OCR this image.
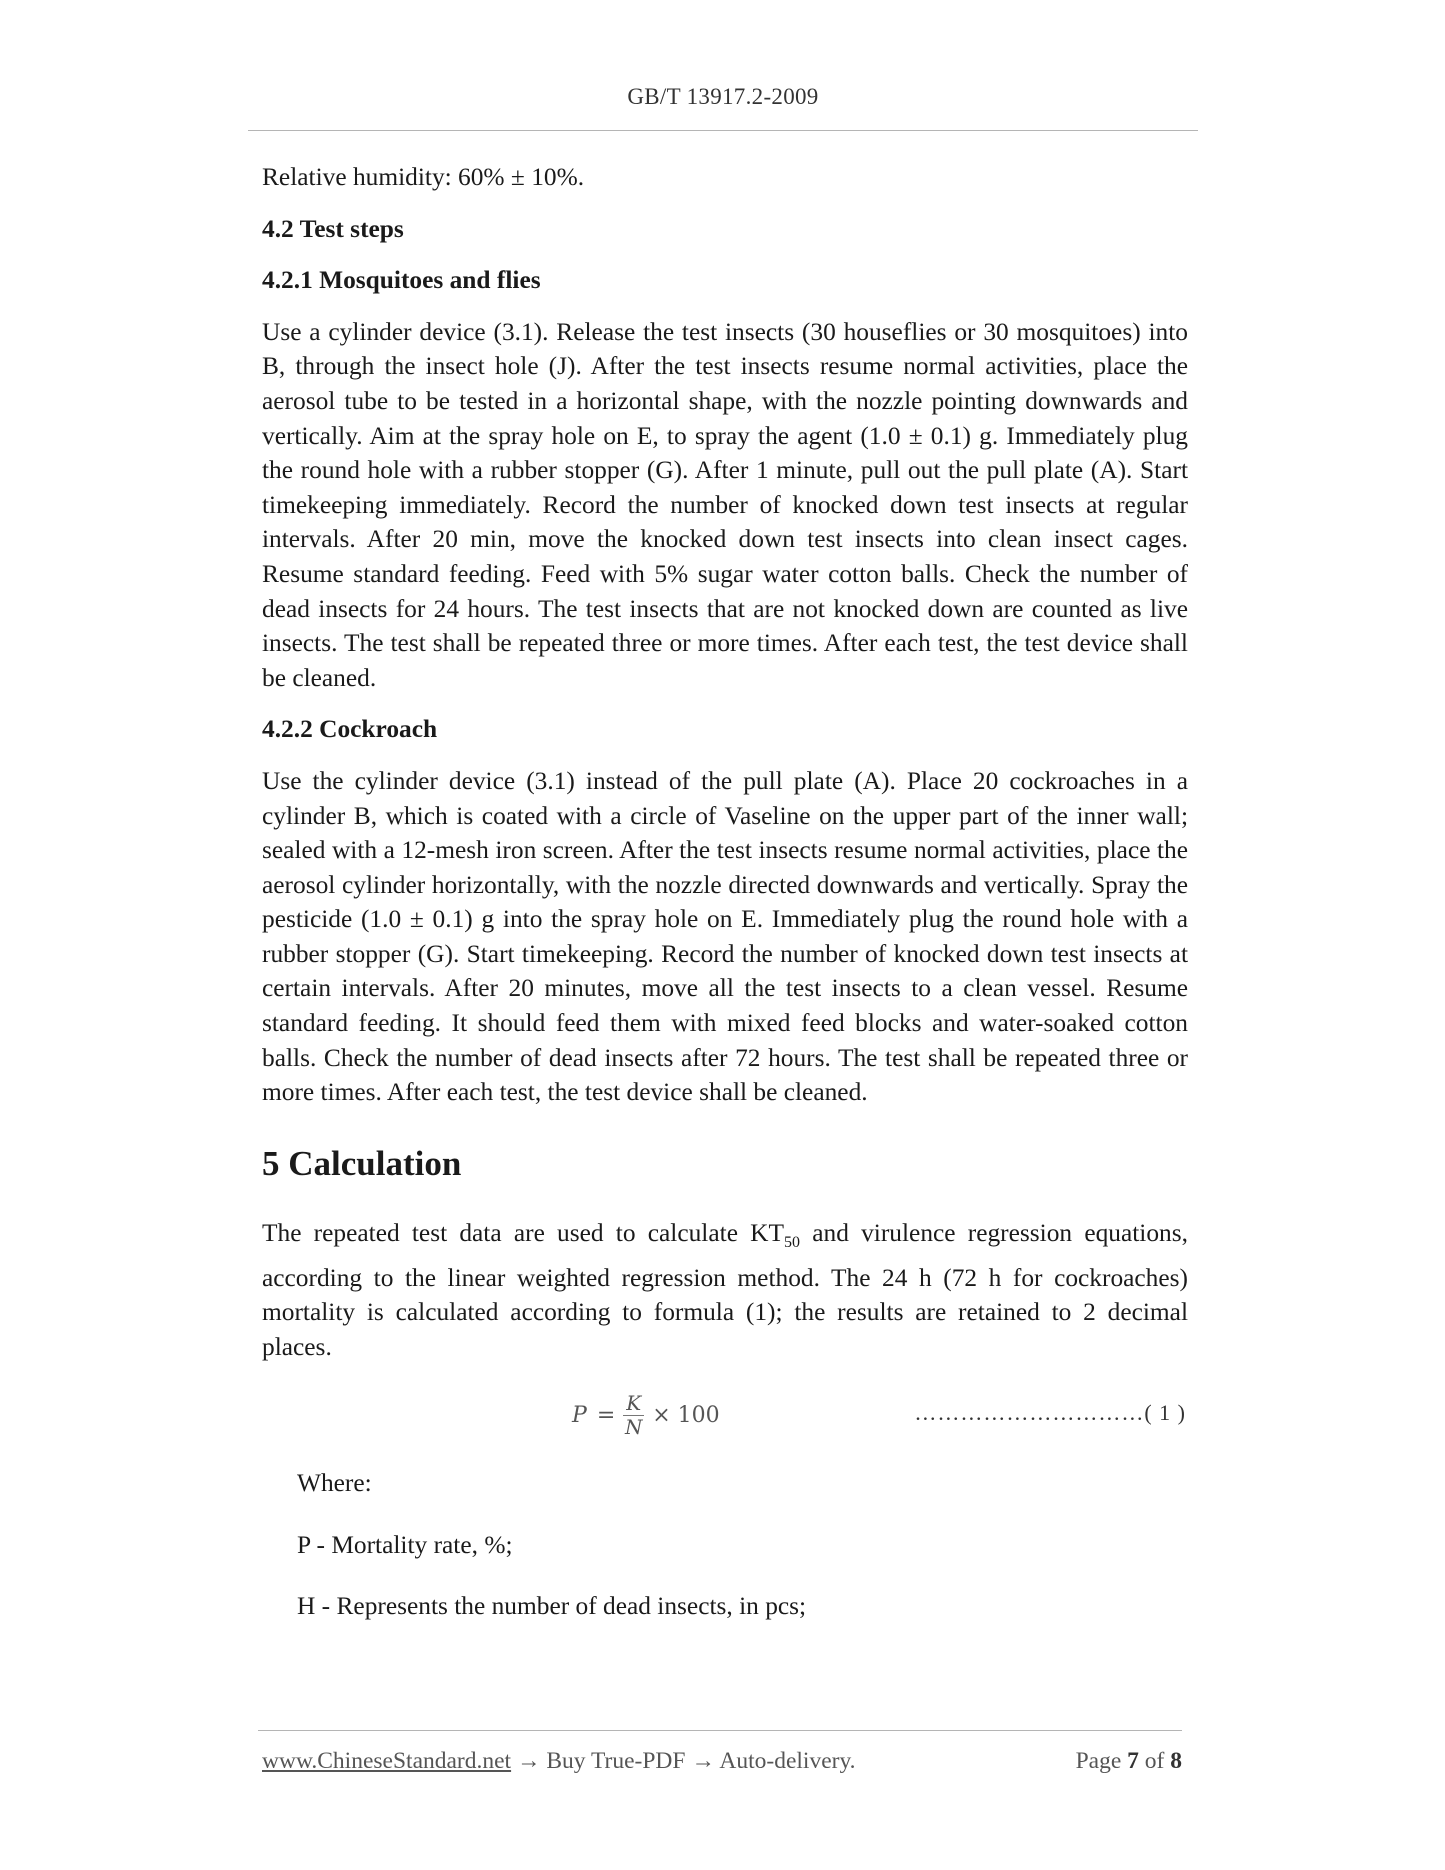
GB/T 13917.2-2009

Relative humidity: 60% ± 10%.

4.2 Test steps

4.2.1 Mosquitoes and flies

Use a cylinder device (3.1). Release the test insects (30 houseflies or 30 mosquitoes) into B, through the insect hole (J). After the test insects resume normal activities, place the aerosol tube to be tested in a horizontal shape, with the nozzle pointing downwards and vertically. Aim at the spray hole on E, to spray the agent (1.0 ± 0.1) g. Immediately plug the round hole with a rubber stopper (G). After 1 minute, pull out the pull plate (A). Start timekeeping immediately. Record the number of knocked down test insects at regular intervals. After 20 min, move the knocked down test insects into clean insect cages. Resume standard feeding. Feed with 5% sugar water cotton balls. Check the number of dead insects for 24 hours. The test insects that are not knocked down are counted as live insects. The test shall be repeated three or more times. After each test, the test device shall be cleaned.

4.2.2 Cockroach

Use the cylinder device (3.1) instead of the pull plate (A). Place 20 cockroaches in a cylinder B, which is coated with a circle of Vaseline on the upper part of the inner wall; sealed with a 12-mesh iron screen. After the test insects resume normal activities, place the aerosol cylinder horizontally, with the nozzle directed downwards and vertically. Spray the pesticide (1.0 ± 0.1) g into the spray hole on E. Immediately plug the round hole with a rubber stopper (G). Start timekeeping. Record the number of knocked down test insects at certain intervals. After 20 minutes, move all the test insects to a clean vessel. Resume standard feeding. It should feed them with mixed feed blocks and water-soaked cotton balls. Check the number of dead insects after 72 hours. The test shall be repeated three or more times. After each test, the test device shall be cleaned.

5 Calculation

The repeated test data are used to calculate $KT_{50}$ and virulence regression equations, according to the linear weighted regression method. The 24 h (72 h for cockroaches) mortality is calculated according to formula (1); the results are retained to 2 decimal places.

$P = \frac{K}{N} \times 100$	…………………………( 1 )

Where:

P - Mortality rate, %;

H - Represents the number of dead insects, in pcs;

www.ChineseStandard.net → Buy True-PDF → Auto-delivery.	Page 7 of 8
